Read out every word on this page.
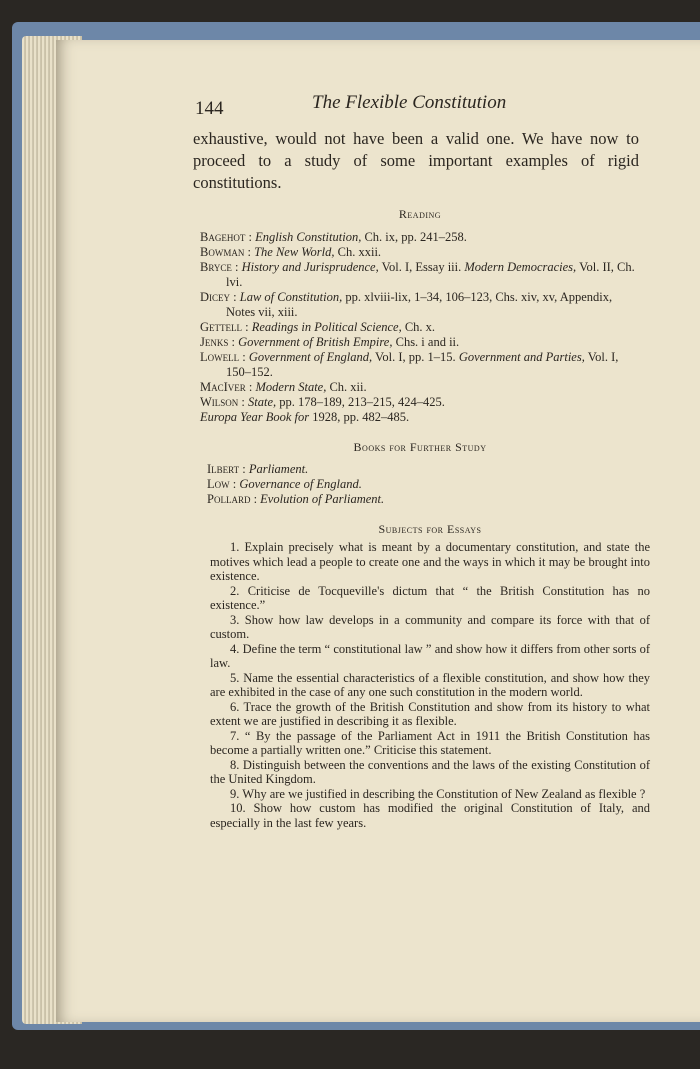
144	The Flexible Constitution
exhaustive, would not have been a valid one. We have now to proceed to a study of some important examples of rigid constitutions.
Reading
Bagehot : English Constitution, Ch. ix, pp. 241–258.
Bowman : The New World, Ch. xxii.
Bryce : History and Jurisprudence, Vol. I, Essay iii. Modern Democracies, Vol. II, Ch. lvi.
Dicey : Law of Constitution, pp. xlviii-lix, 1–34, 106–123, Chs. xiv, xv, Appendix, Notes vii, xiii.
Gettell : Readings in Political Science, Ch. x.
Jenks : Government of British Empire, Chs. i and ii.
Lowell : Government of England, Vol. I, pp. 1–15. Government and Parties, Vol. I, 150–152.
MacIver : Modern State, Ch. xii.
Wilson : State, pp. 178–189, 213–215, 424–425.
Europa Year Book for 1928, pp. 482–485.
Books for Further Study
Ilbert : Parliament.
Low : Governance of England.
Pollard : Evolution of Parliament.
Subjects for Essays
1. Explain precisely what is meant by a documentary constitution, and state the motives which lead a people to create one and the ways in which it may be brought into existence.
2. Criticise de Tocqueville's dictum that “ the British Constitution has no existence.”
3. Show how law develops in a community and compare its force with that of custom.
4. Define the term “ constitutional law ” and show how it differs from other sorts of law.
5. Name the essential characteristics of a flexible constitution, and show how they are exhibited in the case of any one such constitution in the modern world.
6. Trace the growth of the British Constitution and show from its history to what extent we are justified in describing it as flexible.
7. “ By the passage of the Parliament Act in 1911 the British Constitution has become a partially written one.” Criticise this statement.
8. Distinguish between the conventions and the laws of the existing Constitution of the United Kingdom.
9. Why are we justified in describing the Constitution of New Zealand as flexible ?
10. Show how custom has modified the original Constitution of Italy, and especially in the last few years.
